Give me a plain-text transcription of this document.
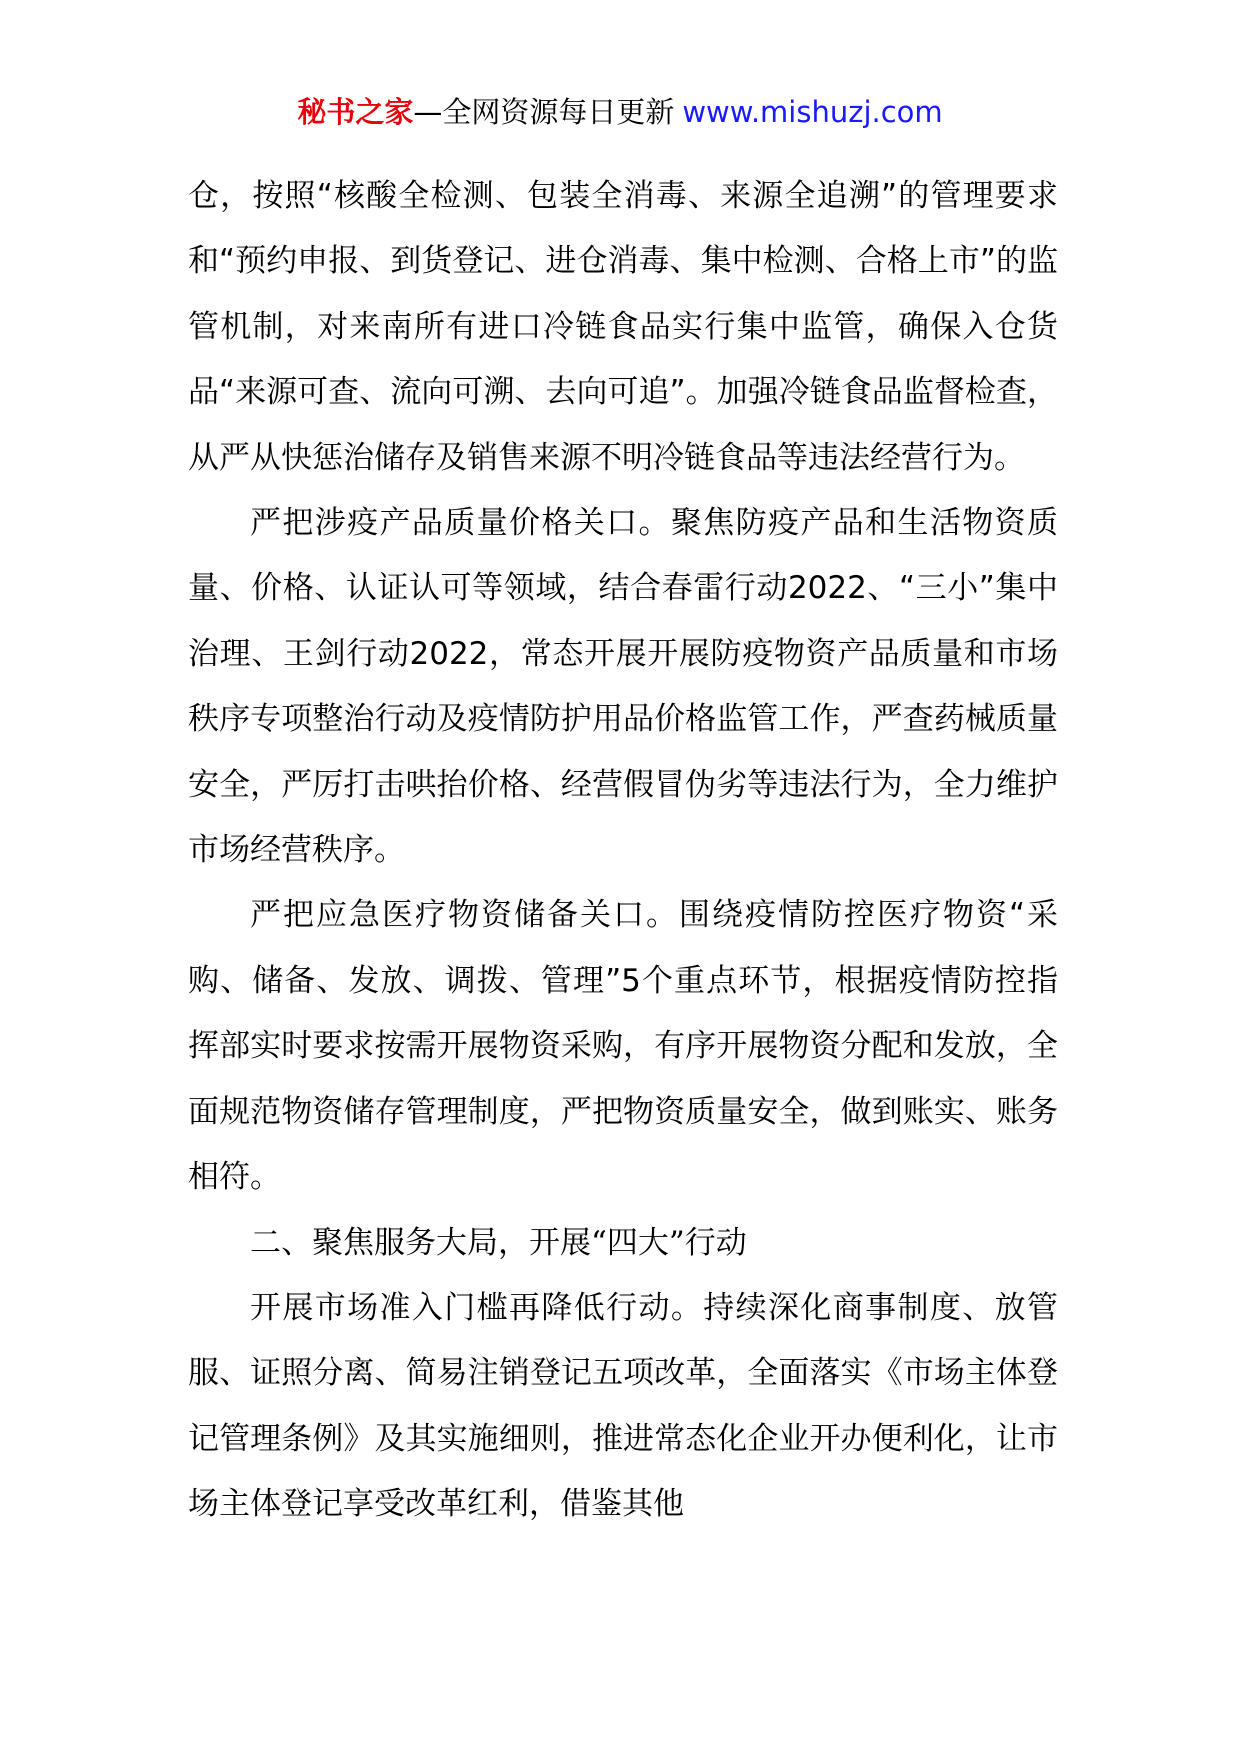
秘书之家—全网资源每日更新 www.mishuzj.com

仓，按照“核酸全检测、包装全消毒、来源全追溯”的管理要求和“预约申报、到货登记、进仓消毒、集中检测、合格上市”的监管机制，对来南所有进口冷链食品实行集中监管，确保入仓货品“来源可查、流向可溯、去向可追”。加强冷链食品监督检查，从严从快惩治储存及销售来源不明冷链食品等违法经营行为。

严把涉疫产品质量价格关口。聚焦防疫产品和生活物资质量、价格、认证认可等领域，结合春雷行动2022、“三小”集中治理、王剑行动2022，常态开展开展防疫物资产品质量和市场秩序专项整治行动及疫情防护用品价格监管工作，严查药械质量安全，严厉打击哄抬价格、经营假冒伪劣等违法行为，全力维护市场经营秩序。

严把应急医疗物资储备关口。围绕疫情防控医疗物资“采购、储备、发放、调拨、管理”5个重点环节，根据疫情防控指挥部实时要求按需开展物资采购，有序开展物资分配和发放，全面规范物资储存管理制度，严把物资质量安全，做到账实、账务相符。

二、聚焦服务大局，开展“四大”行动

开展市场准入门槛再降低行动。持续深化商事制度、放管服、证照分离、简易注销登记五项改革，全面落实《市场主体登记管理条例》及其实施细则，推进常态化企业开办便利化，让市场主体登记享受改革红利，借鉴其他
